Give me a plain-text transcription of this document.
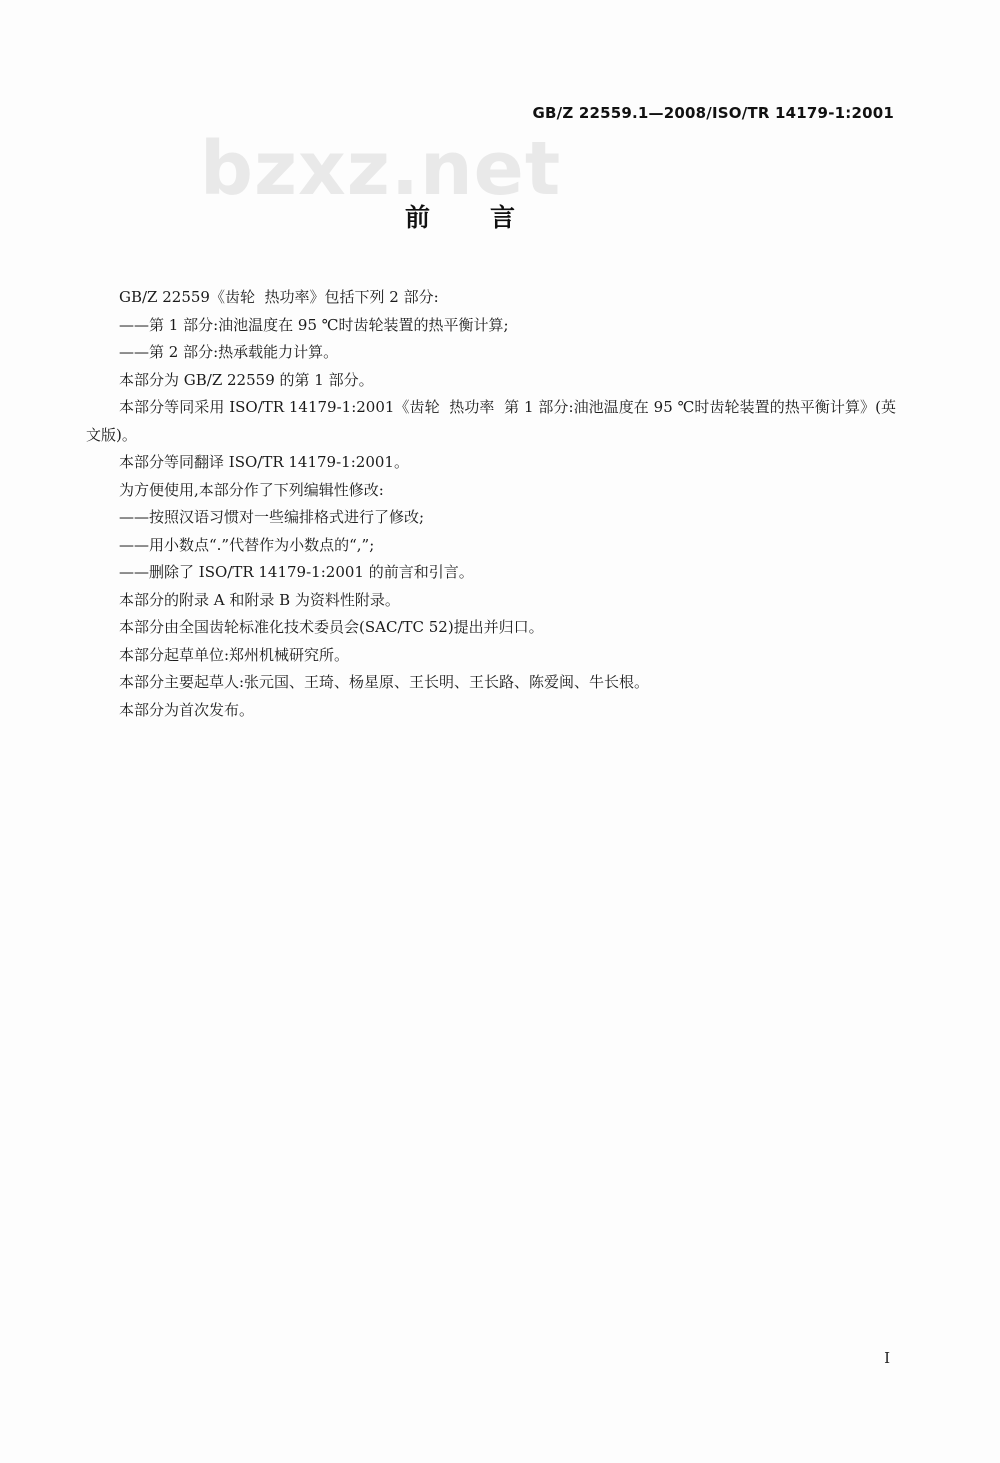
GB/Z 22559.1—2008/ISO/TR 14179-1:2001
bzxz.net
前言

GB/Z 22559《齿轮  热功率》包括下列 2 部分:

——第 1 部分:油池温度在 95 ℃时齿轮装置的热平衡计算;

——第 2 部分:热承载能力计算。

本部分为 GB/Z 22559 的第 1 部分。

本部分等同采用 ISO/TR 14179-1:2001《齿轮  热功率  第 1 部分:油池温度在 95 ℃时齿轮装置的热平衡计算》(英文版)。

本部分等同翻译 ISO/TR 14179-1:2001。

为方便使用,本部分作了下列编辑性修改:

——按照汉语习惯对一些编排格式进行了修改;

——用小数点“.”代替作为小数点的“,”;

——删除了 ISO/TR 14179-1:2001 的前言和引言。

本部分的附录 A 和附录 B 为资料性附录。

本部分由全国齿轮标准化技术委员会(SAC/TC 52)提出并归口。

本部分起草单位:郑州机械研究所。

本部分主要起草人:张元国、王琦、杨星原、王长明、王长路、陈爱闽、牛长根。

本部分为首次发布。

I
